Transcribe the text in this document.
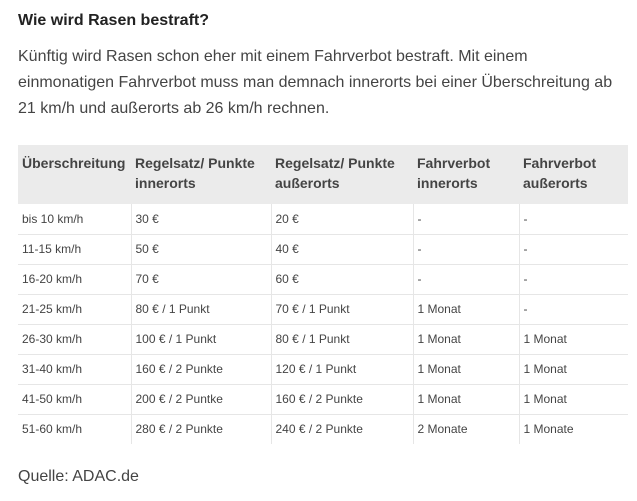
Wie wird Rasen bestraft?

Künftig wird Rasen schon eher mit einem Fahrverbot bestraft. Mit einem einmonatigen Fahrverbot muss man demnach innerorts bei einer Überschreitung ab 21 km/h und außerorts ab 26 km/h rechnen.

Überschreitung	Regelsatz/ Punkte innerorts	Regelsatz/ Punkte außerorts	Fahrverbot innerorts	Fahrverbot außerorts
bis 10 km/h	30 €	20 €	-	-
11-15 km/h	50 €	40 €	-	-
16-20 km/h	70 €	60 €	-	-
21-25 km/h	80 € / 1 Punkt	70 € / 1 Punkt	1 Monat	-
26-30 km/h	100 € / 1 Punkt	80 € / 1 Punkt	1 Monat	1 Monat
31-40 km/h	160 € / 2 Punkte	120 € / 1 Punkt	1 Monat	1 Monat
41-50 km/h	200 € / 2 Puntke	160 € / 2 Punkte	1 Monat	1 Monat
51-60 km/h	280 € / 2 Punkte	240 € / 2 Punkte	2 Monate	1 Monate

Quelle: ADAC.de
